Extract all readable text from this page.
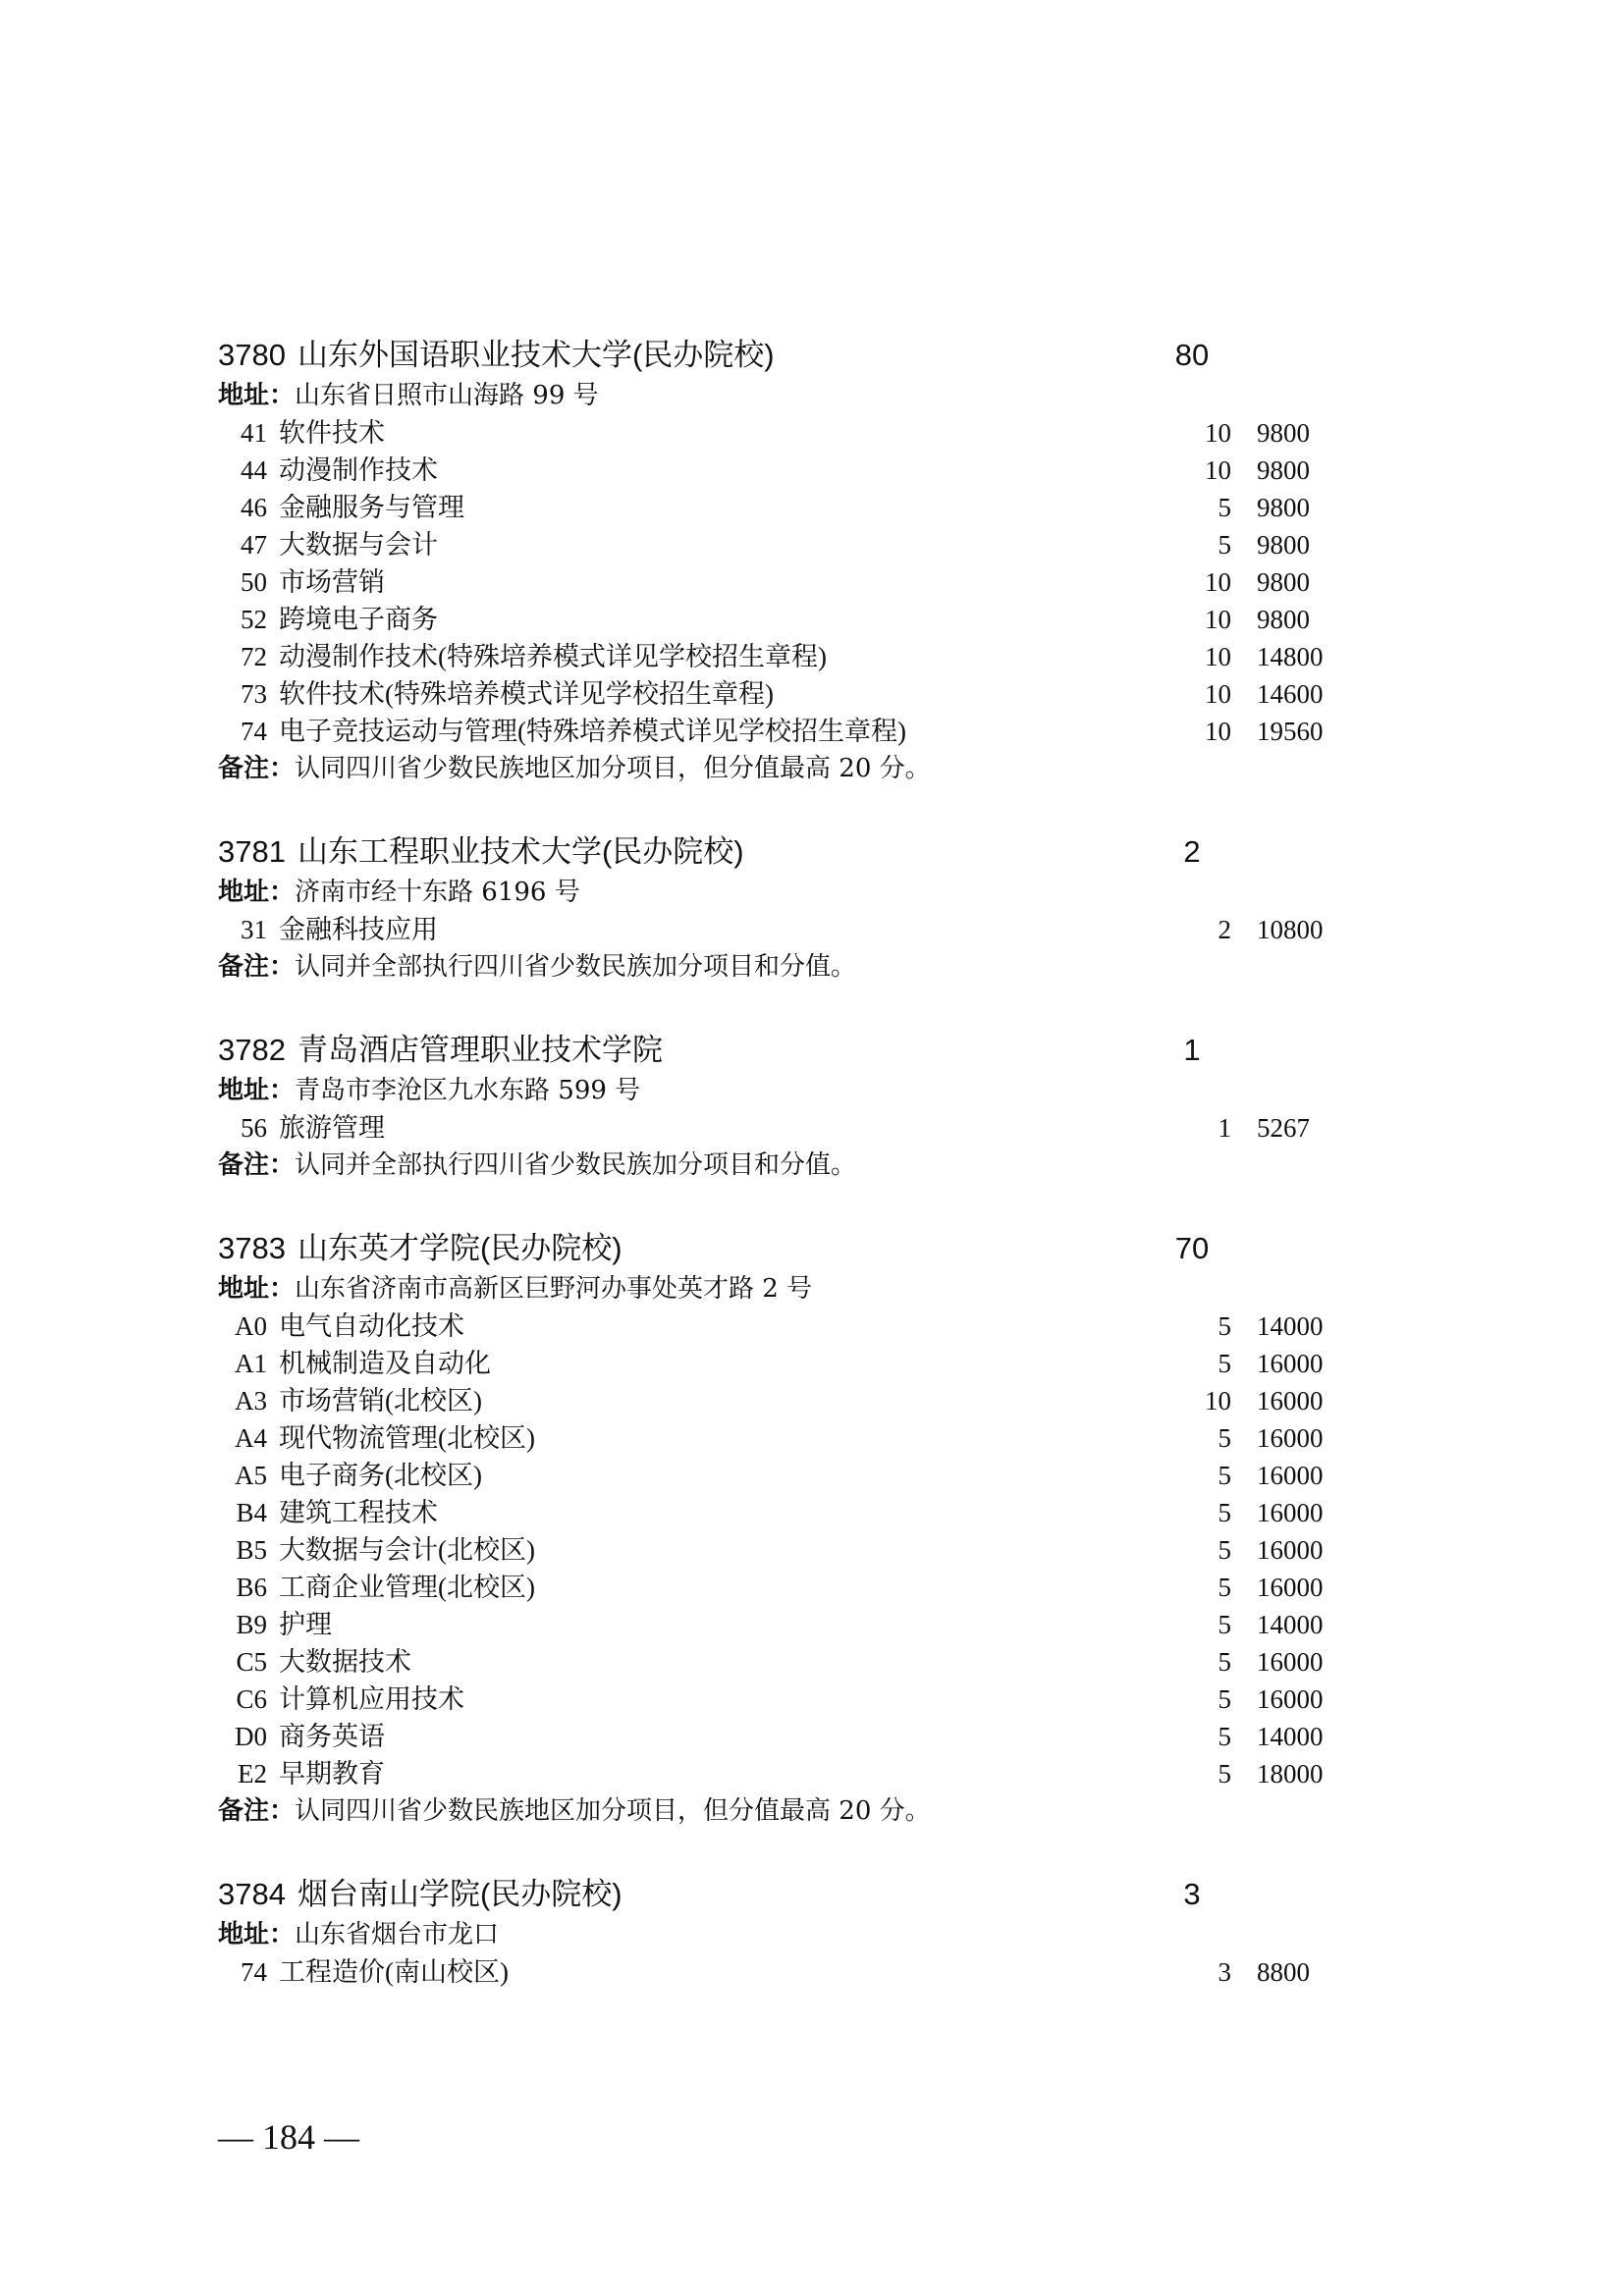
3780 山东外国语职业技术大学(民办院校)	80
地址：山东省日照市山海路 99 号
41 软件技术	10 9800
44 动漫制作技术	10 9800
46 金融服务与管理	5 9800
47 大数据与会计	5 9800
50 市场营销	10 9800
52 跨境电子商务	10 9800
72 动漫制作技术(特殊培养模式详见学校招生章程)	10 14800
73 软件技术(特殊培养模式详见学校招生章程)	10 14600
74 电子竞技运动与管理(特殊培养模式详见学校招生章程)	10 19560
备注：认同四川省少数民族地区加分项目，但分值最高 20 分。
3781 山东工程职业技术大学(民办院校)	2
地址：济南市经十东路 6196 号
31 金融科技应用	2 10800
备注：认同并全部执行四川省少数民族加分项目和分值。
3782 青岛酒店管理职业技术学院	1
地址：青岛市李沧区九水东路 599 号
56 旅游管理	1 5267
备注：认同并全部执行四川省少数民族加分项目和分值。
3783 山东英才学院(民办院校)	70
地址：山东省济南市高新区巨野河办事处英才路 2 号
A0 电气自动化技术	5 14000
A1 机械制造及自动化	5 16000
A3 市场营销(北校区)	10 16000
A4 现代物流管理(北校区)	5 16000
A5 电子商务(北校区)	5 16000
B4 建筑工程技术	5 16000
B5 大数据与会计(北校区)	5 16000
B6 工商企业管理(北校区)	5 16000
B9 护理	5 14000
C5 大数据技术	5 16000
C6 计算机应用技术	5 16000
D0 商务英语	5 14000
E2 早期教育	5 18000
备注：认同四川省少数民族地区加分项目，但分值最高 20 分。
3784 烟台南山学院(民办院校)	3
地址：山东省烟台市龙口
74 工程造价(南山校区)	3 8800
— 184 —
